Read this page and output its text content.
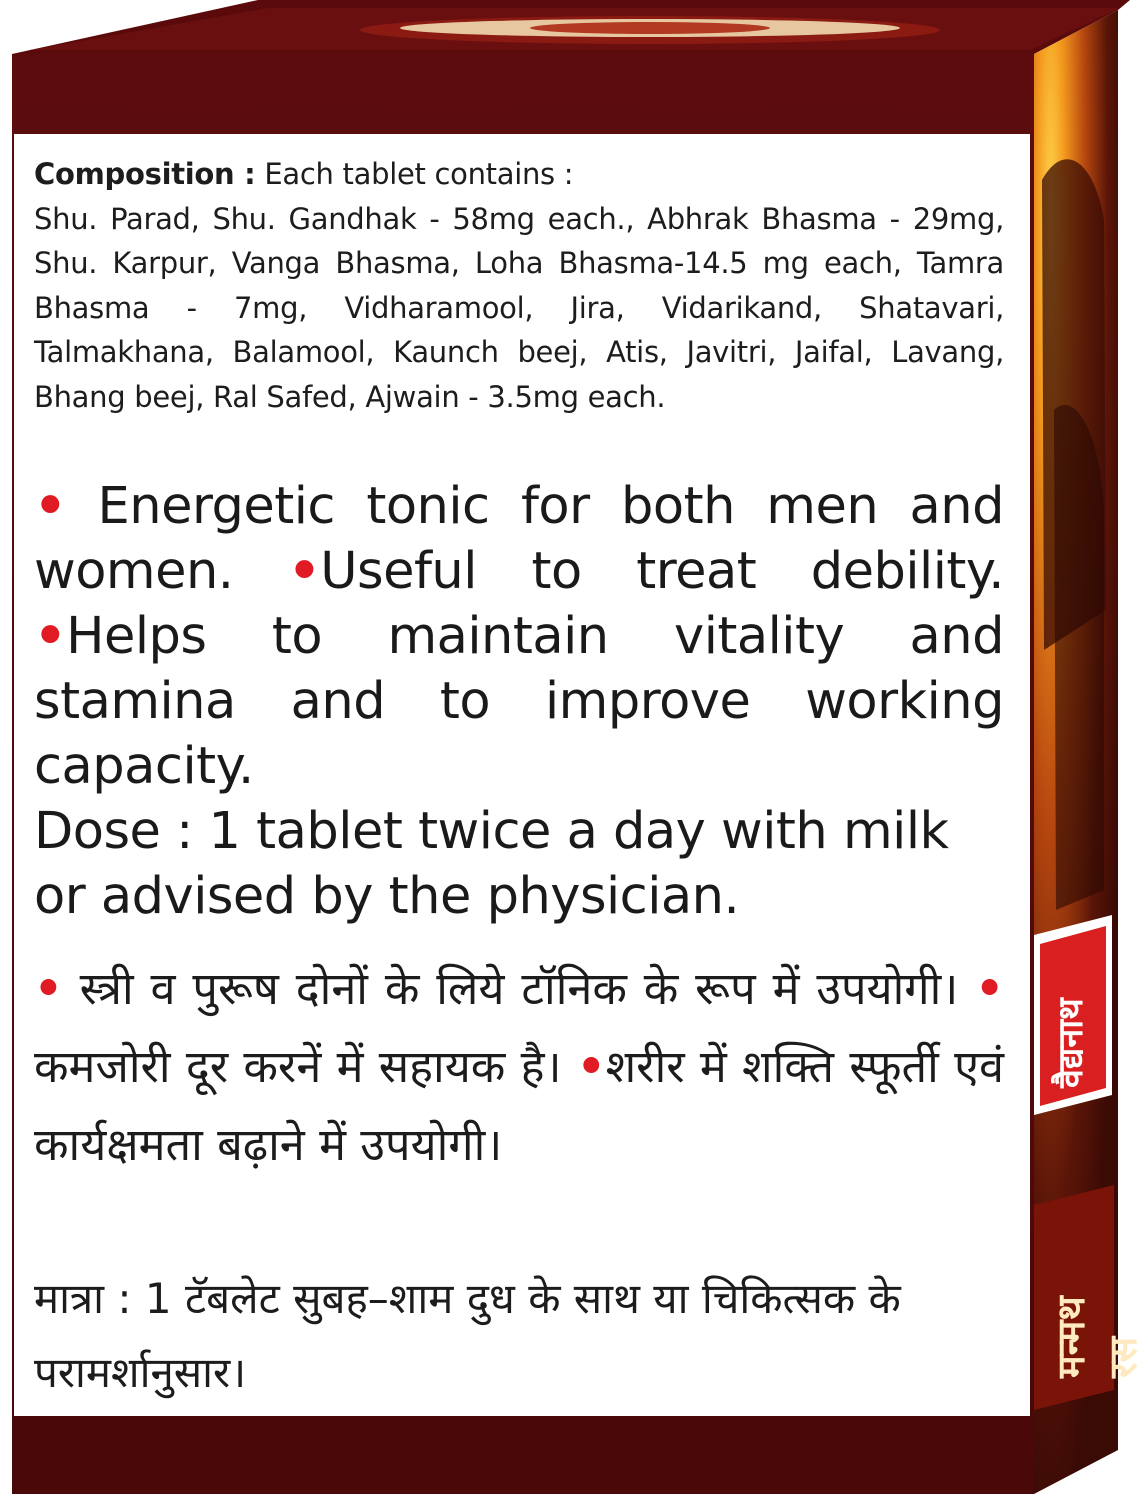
वैद्यनाथ
मन्मथ रस
Composition : Each tablet contains :
Shu. Parad, Shu. Gandhak - 58mg each., Abhrak Bhasma - 29mg, Shu. Karpur, Vanga Bhasma, Loha Bhasma-14.5 mg each, Tamra Bhasma - 7mg, Vidharamool, Jira, Vidarikand, Shatavari, Talmakhana, Balamool, Kaunch beej, Atis, Javitri, Jaifal, Lavang, Bhang beej, Ral Safed, Ajwain - 3.5mg each.
• Energetic tonic for both men and women. •Useful to treat debility. •Helps to maintain vitality and stamina and to improve working capacity.
Dose : 1 tablet twice a day with milk or advised by the physician.
• स्त्री व पुरूष दोनों के लिये टॉनिक के रूप में उपयोगी। • कमजोरी दूर करनें में सहायक है। •शरीर में शक्ति स्फूर्ती एवं कार्यक्षमता बढ़ाने में उपयोगी।
मात्रा : 1 टॅबलेट सुबह–शाम दुध के साथ या चिकित्सक के परामर्शानुसार।
